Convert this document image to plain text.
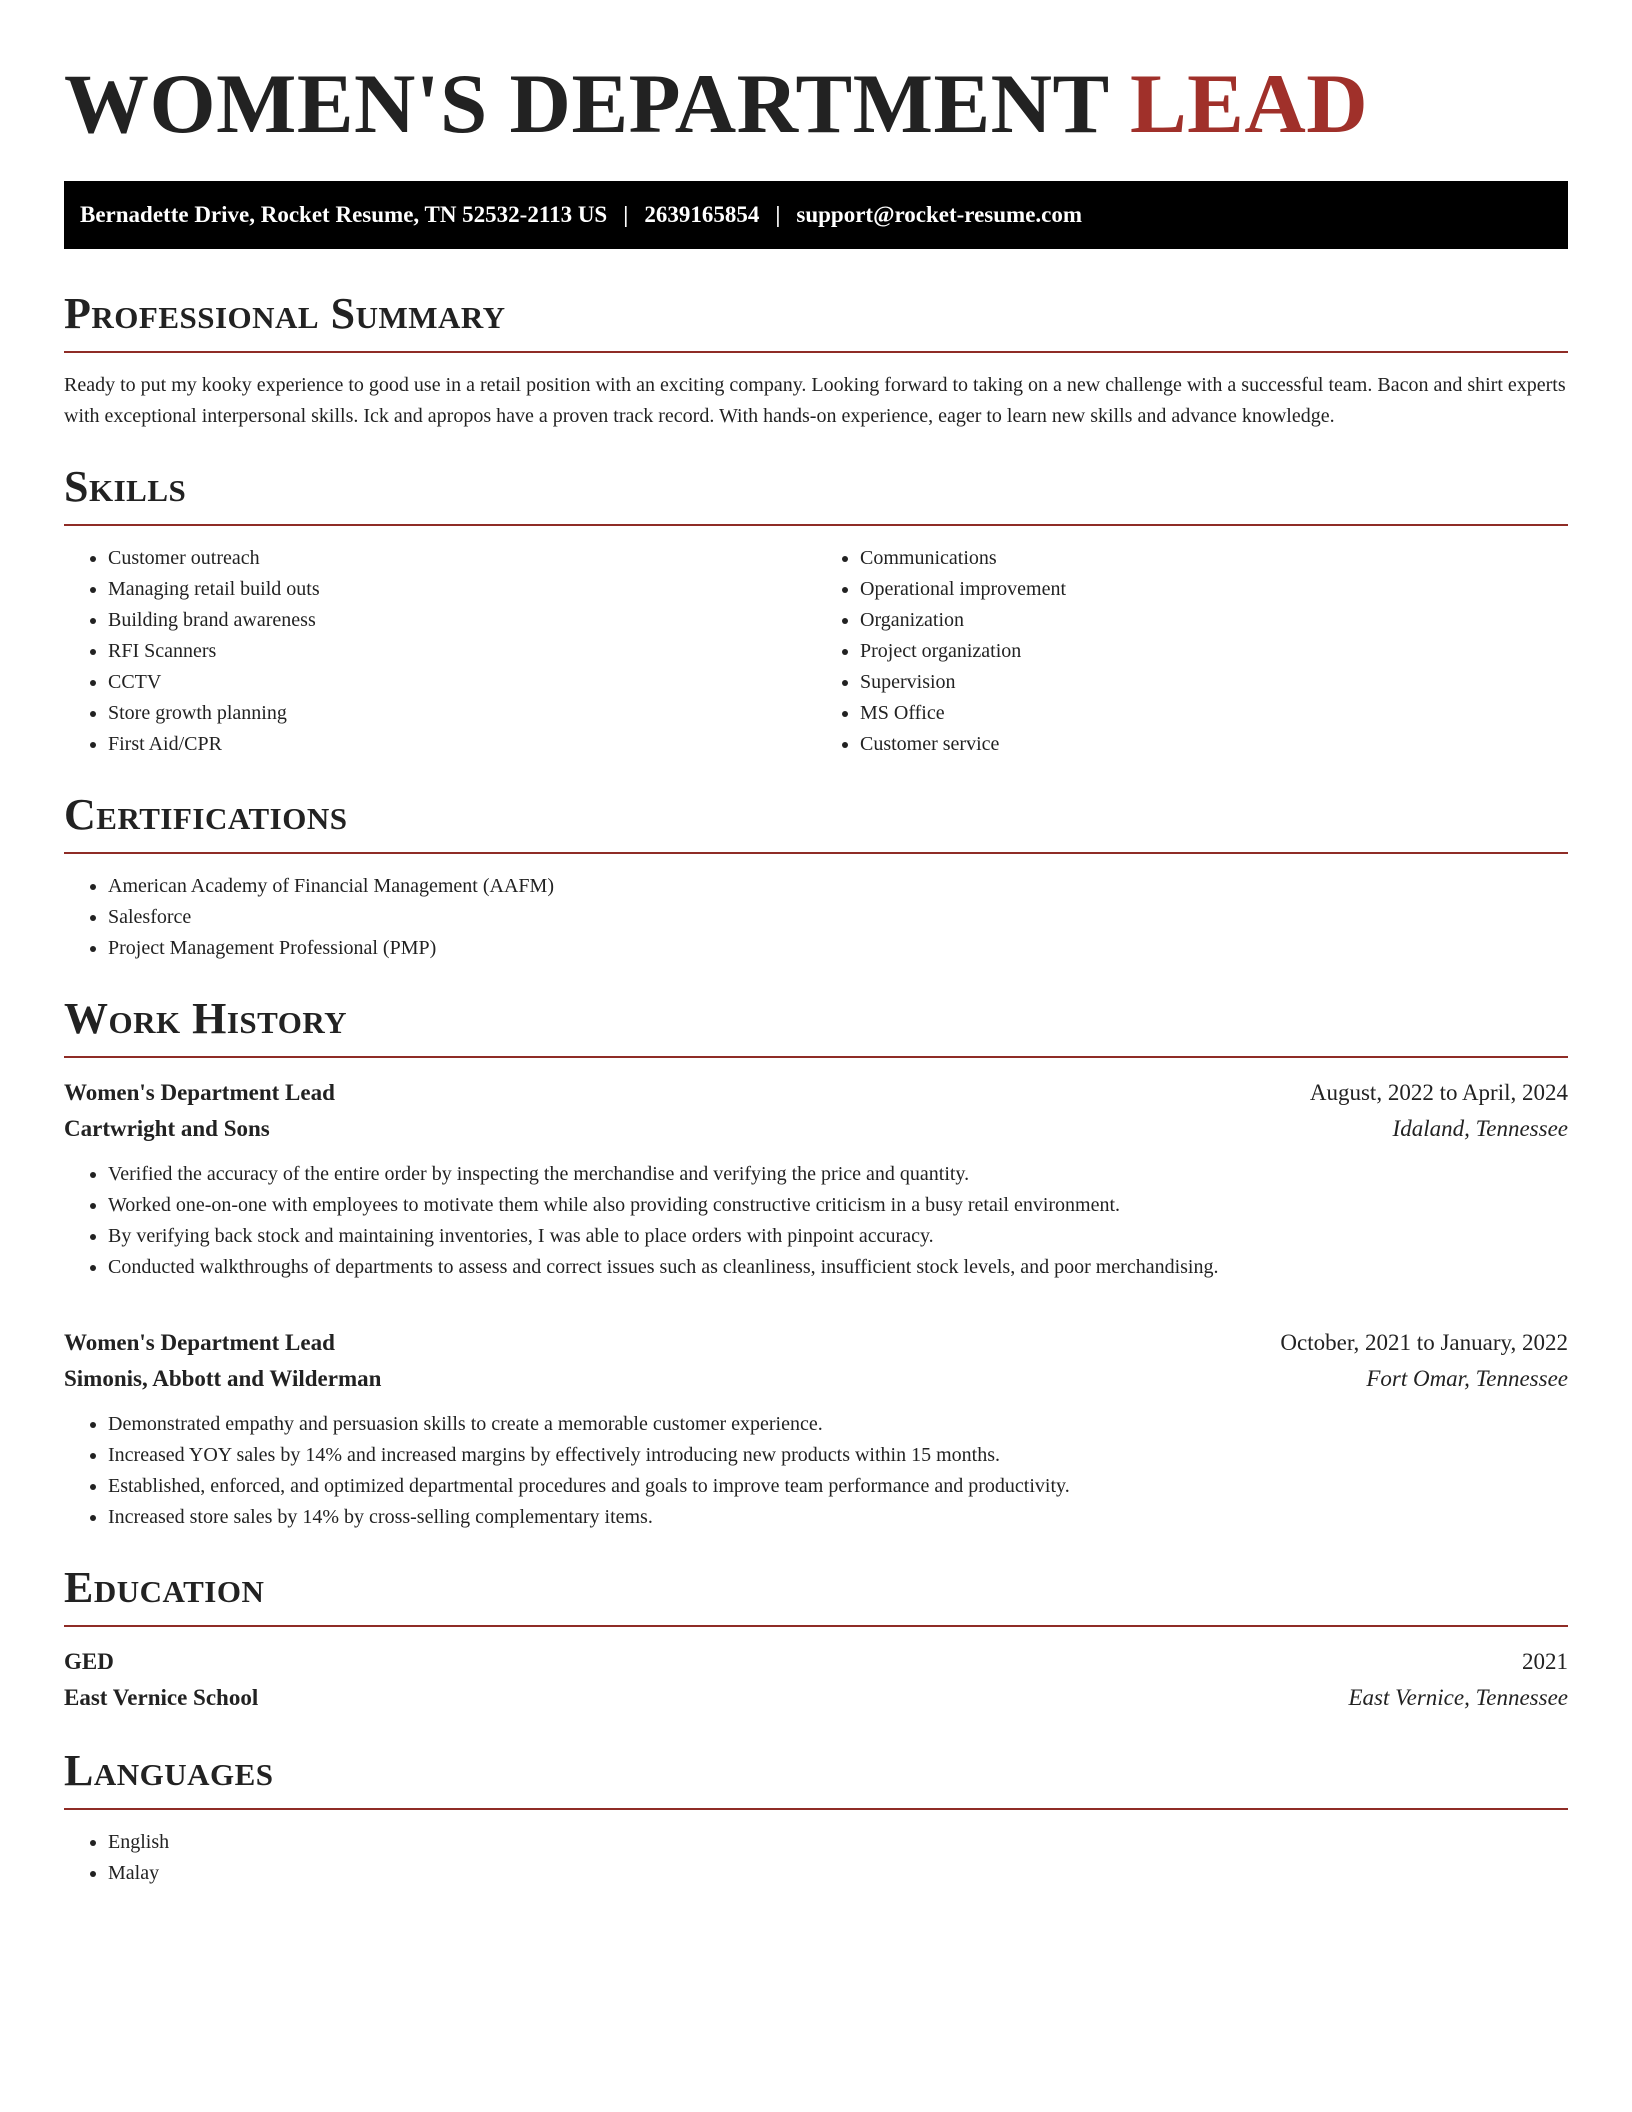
WOMEN'S DEPARTMENT LEAD
Bernadette Drive, Rocket Resume, TN 52532-2113 US | 2639165854 | support@rocket-resume.com
Professional Summary

Ready to put my kooky experience to good use in a retail position with an exciting company. Looking forward to taking on a new challenge with a successful team. Bacon and shirt experts with exceptional interpersonal skills. Ick and apropos have a proven track record. With hands-on experience, eager to learn new skills and advance knowledge.

Skills
• Customer outreach
• Managing retail build outs
• Building brand awareness
• RFI Scanners
• CCTV
• Store growth planning
• First Aid/CPR
• Communications
• Operational improvement
• Organization
• Project organization
• Supervision
• MS Office
• Customer service
Certifications
• American Academy of Financial Management (AAFM)
• Salesforce
• Project Management Professional (PMP)
Work History
Women's Department Lead	August, 2022 to April, 2024
Cartwright and Sons	Idaland, Tennessee
• Verified the accuracy of the entire order by inspecting the merchandise and verifying the price and quantity.
• Worked one-on-one with employees to motivate them while also providing constructive criticism in a busy retail environment.
• By verifying back stock and maintaining inventories, I was able to place orders with pinpoint accuracy.
• Conducted walkthroughs of departments to assess and correct issues such as cleanliness, insufficient stock levels, and poor merchandising.
Women's Department Lead	October, 2021 to January, 2022
Simonis, Abbott and Wilderman	Fort Omar, Tennessee
• Demonstrated empathy and persuasion skills to create a memorable customer experience.
• Increased YOY sales by 14% and increased margins by effectively introducing new products within 15 months.
• Established, enforced, and optimized departmental procedures and goals to improve team performance and productivity.
• Increased store sales by 14% by cross-selling complementary items.
Education
GED	2021
East Vernice School	East Vernice, Tennessee
Languages
• English
• Malay
